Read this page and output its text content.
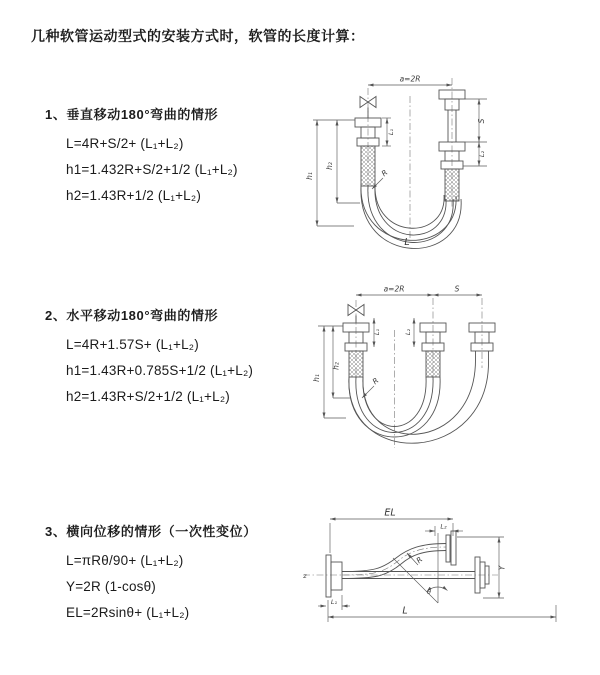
几种软管运动型式的安装方式时，软管的长度计算：
1、垂直移动180°弯曲的情形
L=4R+S/2+ (L₁+L₂)
h1=1.432R+S/2+1/2 (L₁+L₂)
h2=1.43R+1/2 (L₁+L₂)
2、水平移动180°弯曲的情形
L=4R+1.57S+ (L₁+L₂)
h1=1.43R+0.785S+1/2 (L₁+L₂)
h2=1.43R+S/2+1/2 (L₁+L₂)
3、横向位移的情形（一次性变位）
L=πRθ/90+ (L₁+L₂)
Y=2R (1-cosθ)
EL=2Rsinθ+ (L₁+L₂)
a=2R
h₁
h₂
L₁
S
L₂
R
L
a=2R	S
h₁
h₂
L₁	L₂
R
EL
L₂
Y
R
θ
L
L₁
z
